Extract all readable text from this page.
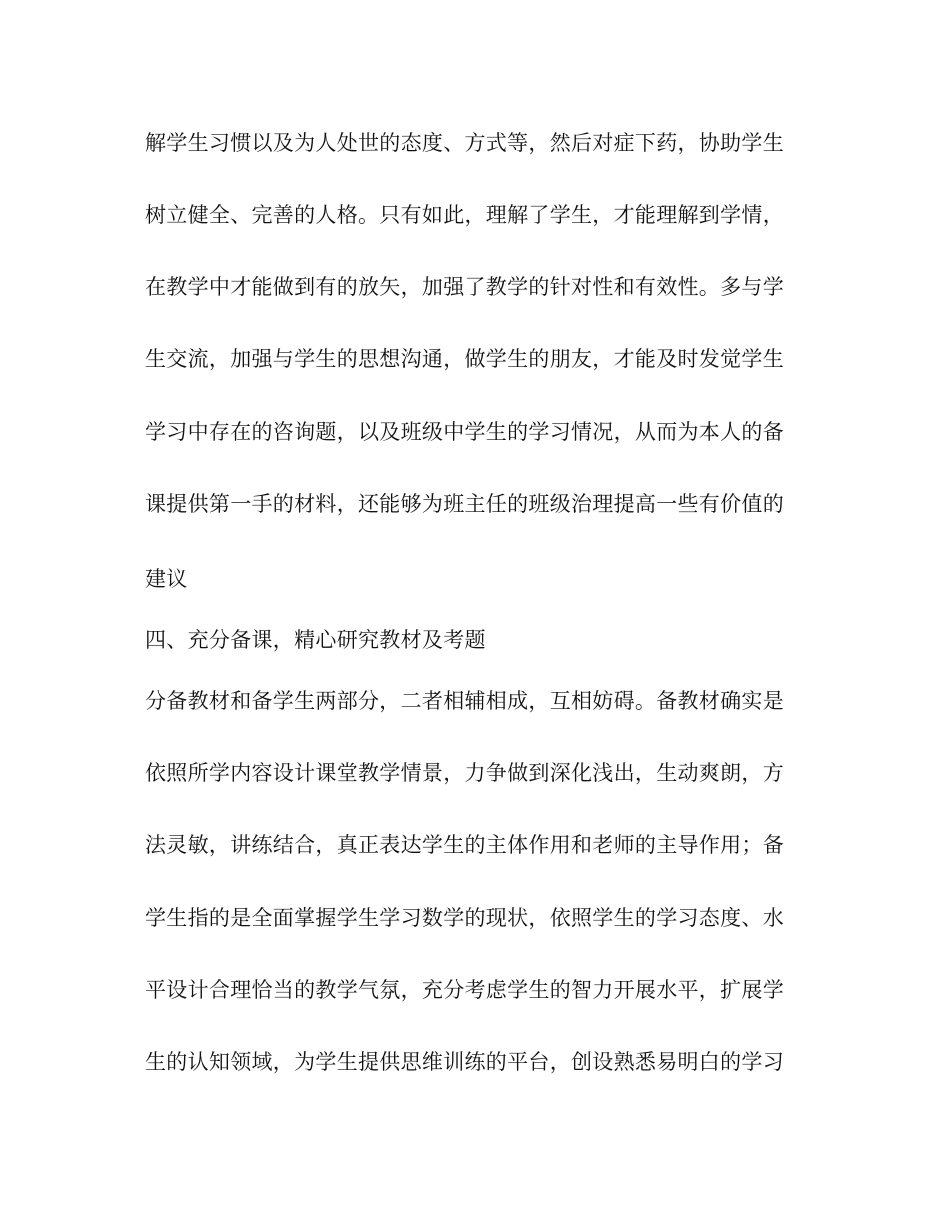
解学生习惯以及为人处世的态度、方式等，然后对症下药，协助学生
树立健全、完善的人格。只有如此，理解了学生，才能理解到学情，
在教学中才能做到有的放矢，加强了教学的针对性和有效性。多与学
生交流，加强与学生的思想沟通，做学生的朋友，才能及时发觉学生
学习中存在的咨询题，以及班级中学生的学习情况，从而为本人的备
课提供第一手的材料，还能够为班主任的班级治理提高一些有价值的
建议
四、充分备课，精心研究教材及考题
分备教材和备学生两部分，二者相辅相成，互相妨碍。备教材确实是
依照所学内容设计课堂教学情景，力争做到深化浅出，生动爽朗，方
法灵敏，讲练结合，真正表达学生的主体作用和老师的主导作用；备
学生指的是全面掌握学生学习数学的现状，依照学生的学习态度、水
平设计合理恰当的教学气氛，充分考虑学生的智力开展水平，扩展学
生的认知领域，为学生提供思维训练的平台，创设熟悉易明白的学习
